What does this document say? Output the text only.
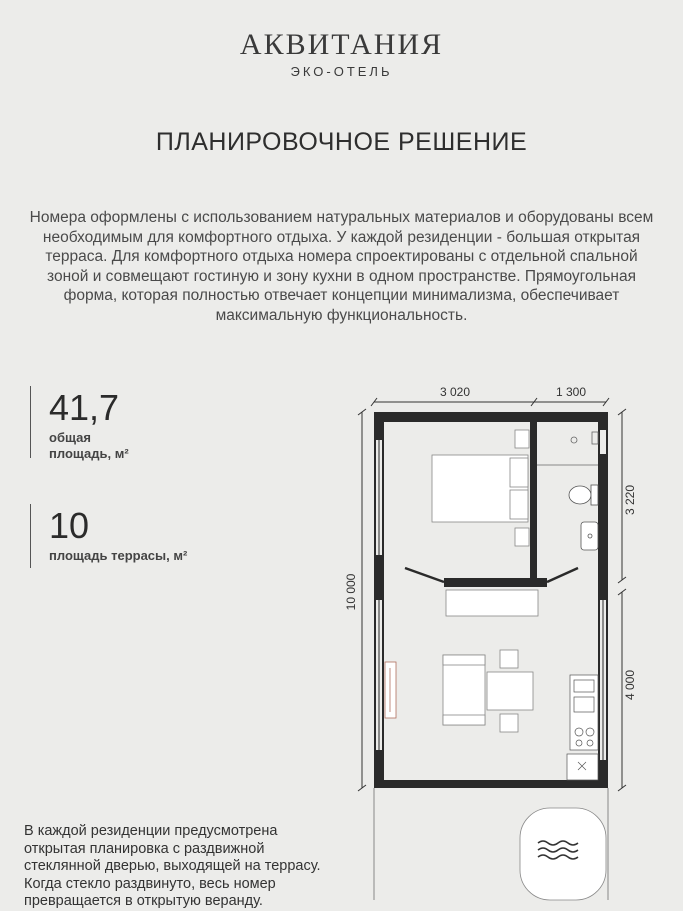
АКВИТАНИЯ
ЭКО-ОТЕЛЬ
ПЛАНИРОВОЧНОЕ РЕШЕНИЕ
Номера оформлены с использованием натуральных материалов и оборудованы всем необходимым для комфортного отдыха. У каждой резиденции - большая открытая терраса. Для комфортного отдыха номера спроектированы с отдельной спальной зоной и совмещают гостиную и зону кухни в одном пространстве. Прямоугольная форма, которая полностью отвечает концепции минимализма, обеспечивает максимальную функциональность.
41,7
общая
площадь, м²
10
площадь террасы, м²
В каждой резиденции предусмотрена открытая планировка с раздвижной стеклянной дверью, выходящей на террасу. Когда стекло раздвинуто, весь номер превращается в открытую веранду.
3 020	1 300
10 000
3 220
4 000
